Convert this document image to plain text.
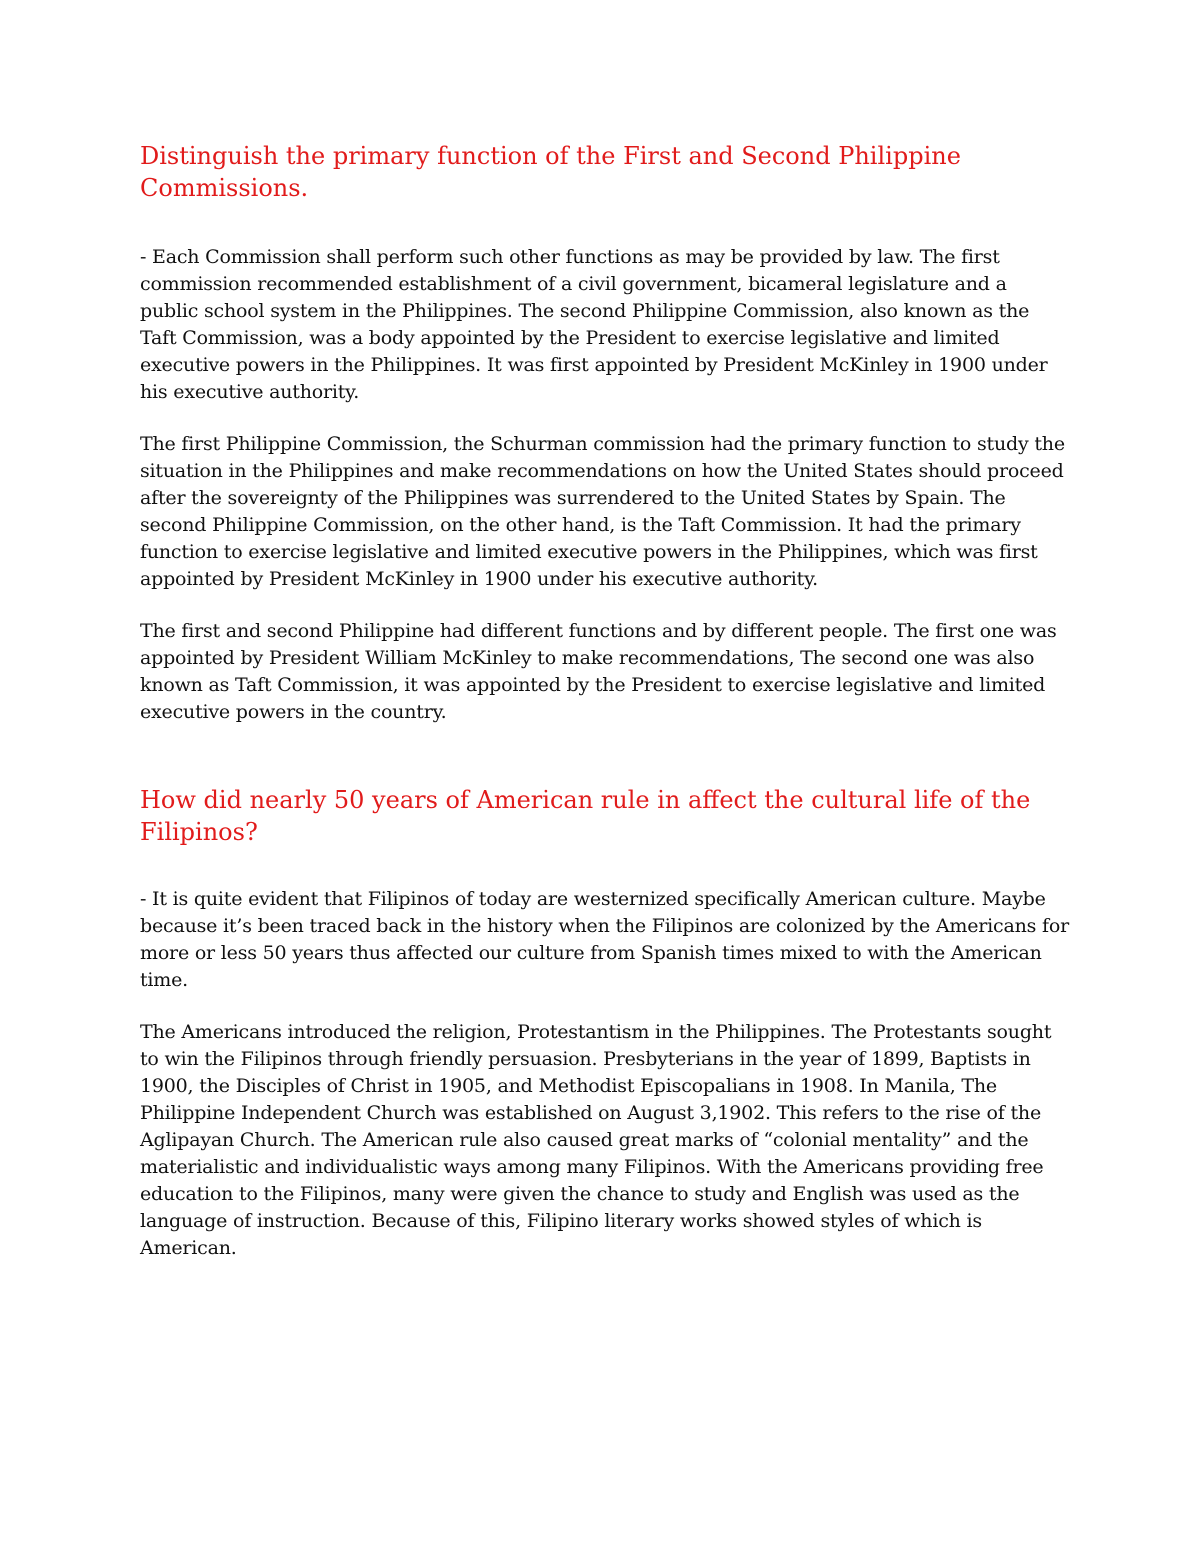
Distinguish the primary function of the First and Second Philippine Commissions.

- Each Commission shall perform such other functions as may be provided by law. The first commission recommended establishment of a civil government, bicameral legislature and a public school system in the Philippines. The second Philippine Commission, also known as the Taft Commission, was a body appointed by the President to exercise legislative and limited executive powers in the Philippines. It was first appointed by President McKinley in 1900 under his executive authority.

The first Philippine Commission, the Schurman commission had the primary function to study the situation in the Philippines and make recommendations on how the United States should proceed after the sovereignty of the Philippines was surrendered to the United States by Spain. The second Philippine Commission, on the other hand, is the Taft Commission. It had the primary function to exercise legislative and limited executive powers in the Philippines, which was first appointed by President McKinley in 1900 under his executive authority.

The first and second Philippine had different functions and by different people. The first one was appointed by President William McKinley to make recommendations, The second one was also known as Taft Commission, it was appointed by the President to exercise legislative and limited executive powers in the country.

How did nearly 50 years of American rule in affect the cultural life of the Filipinos?

- It is quite evident that Filipinos of today are westernized specifically American culture. Maybe because it’s been traced back in the history when the Filipinos are colonized by the Americans for more or less 50 years thus affected our culture from Spanish times mixed to with the American time.

The Americans introduced the religion, Protestantism in the Philippines. The Protestants sought to win the Filipinos through friendly persuasion. Presbyterians in the year of 1899, Baptists in 1900, the Disciples of Christ in 1905, and Methodist Episcopalians in 1908. In Manila, The Philippine Independent Church was established on August 3,1902. This refers to the rise of the Aglipayan Church. The American rule also caused great marks of “colonial mentality” and the materialistic and individualistic ways among many Filipinos. With the Americans providing free education to the Filipinos, many were given the chance to study and English was used as the language of instruction. Because of this, Filipino literary works showed styles of which is American.
